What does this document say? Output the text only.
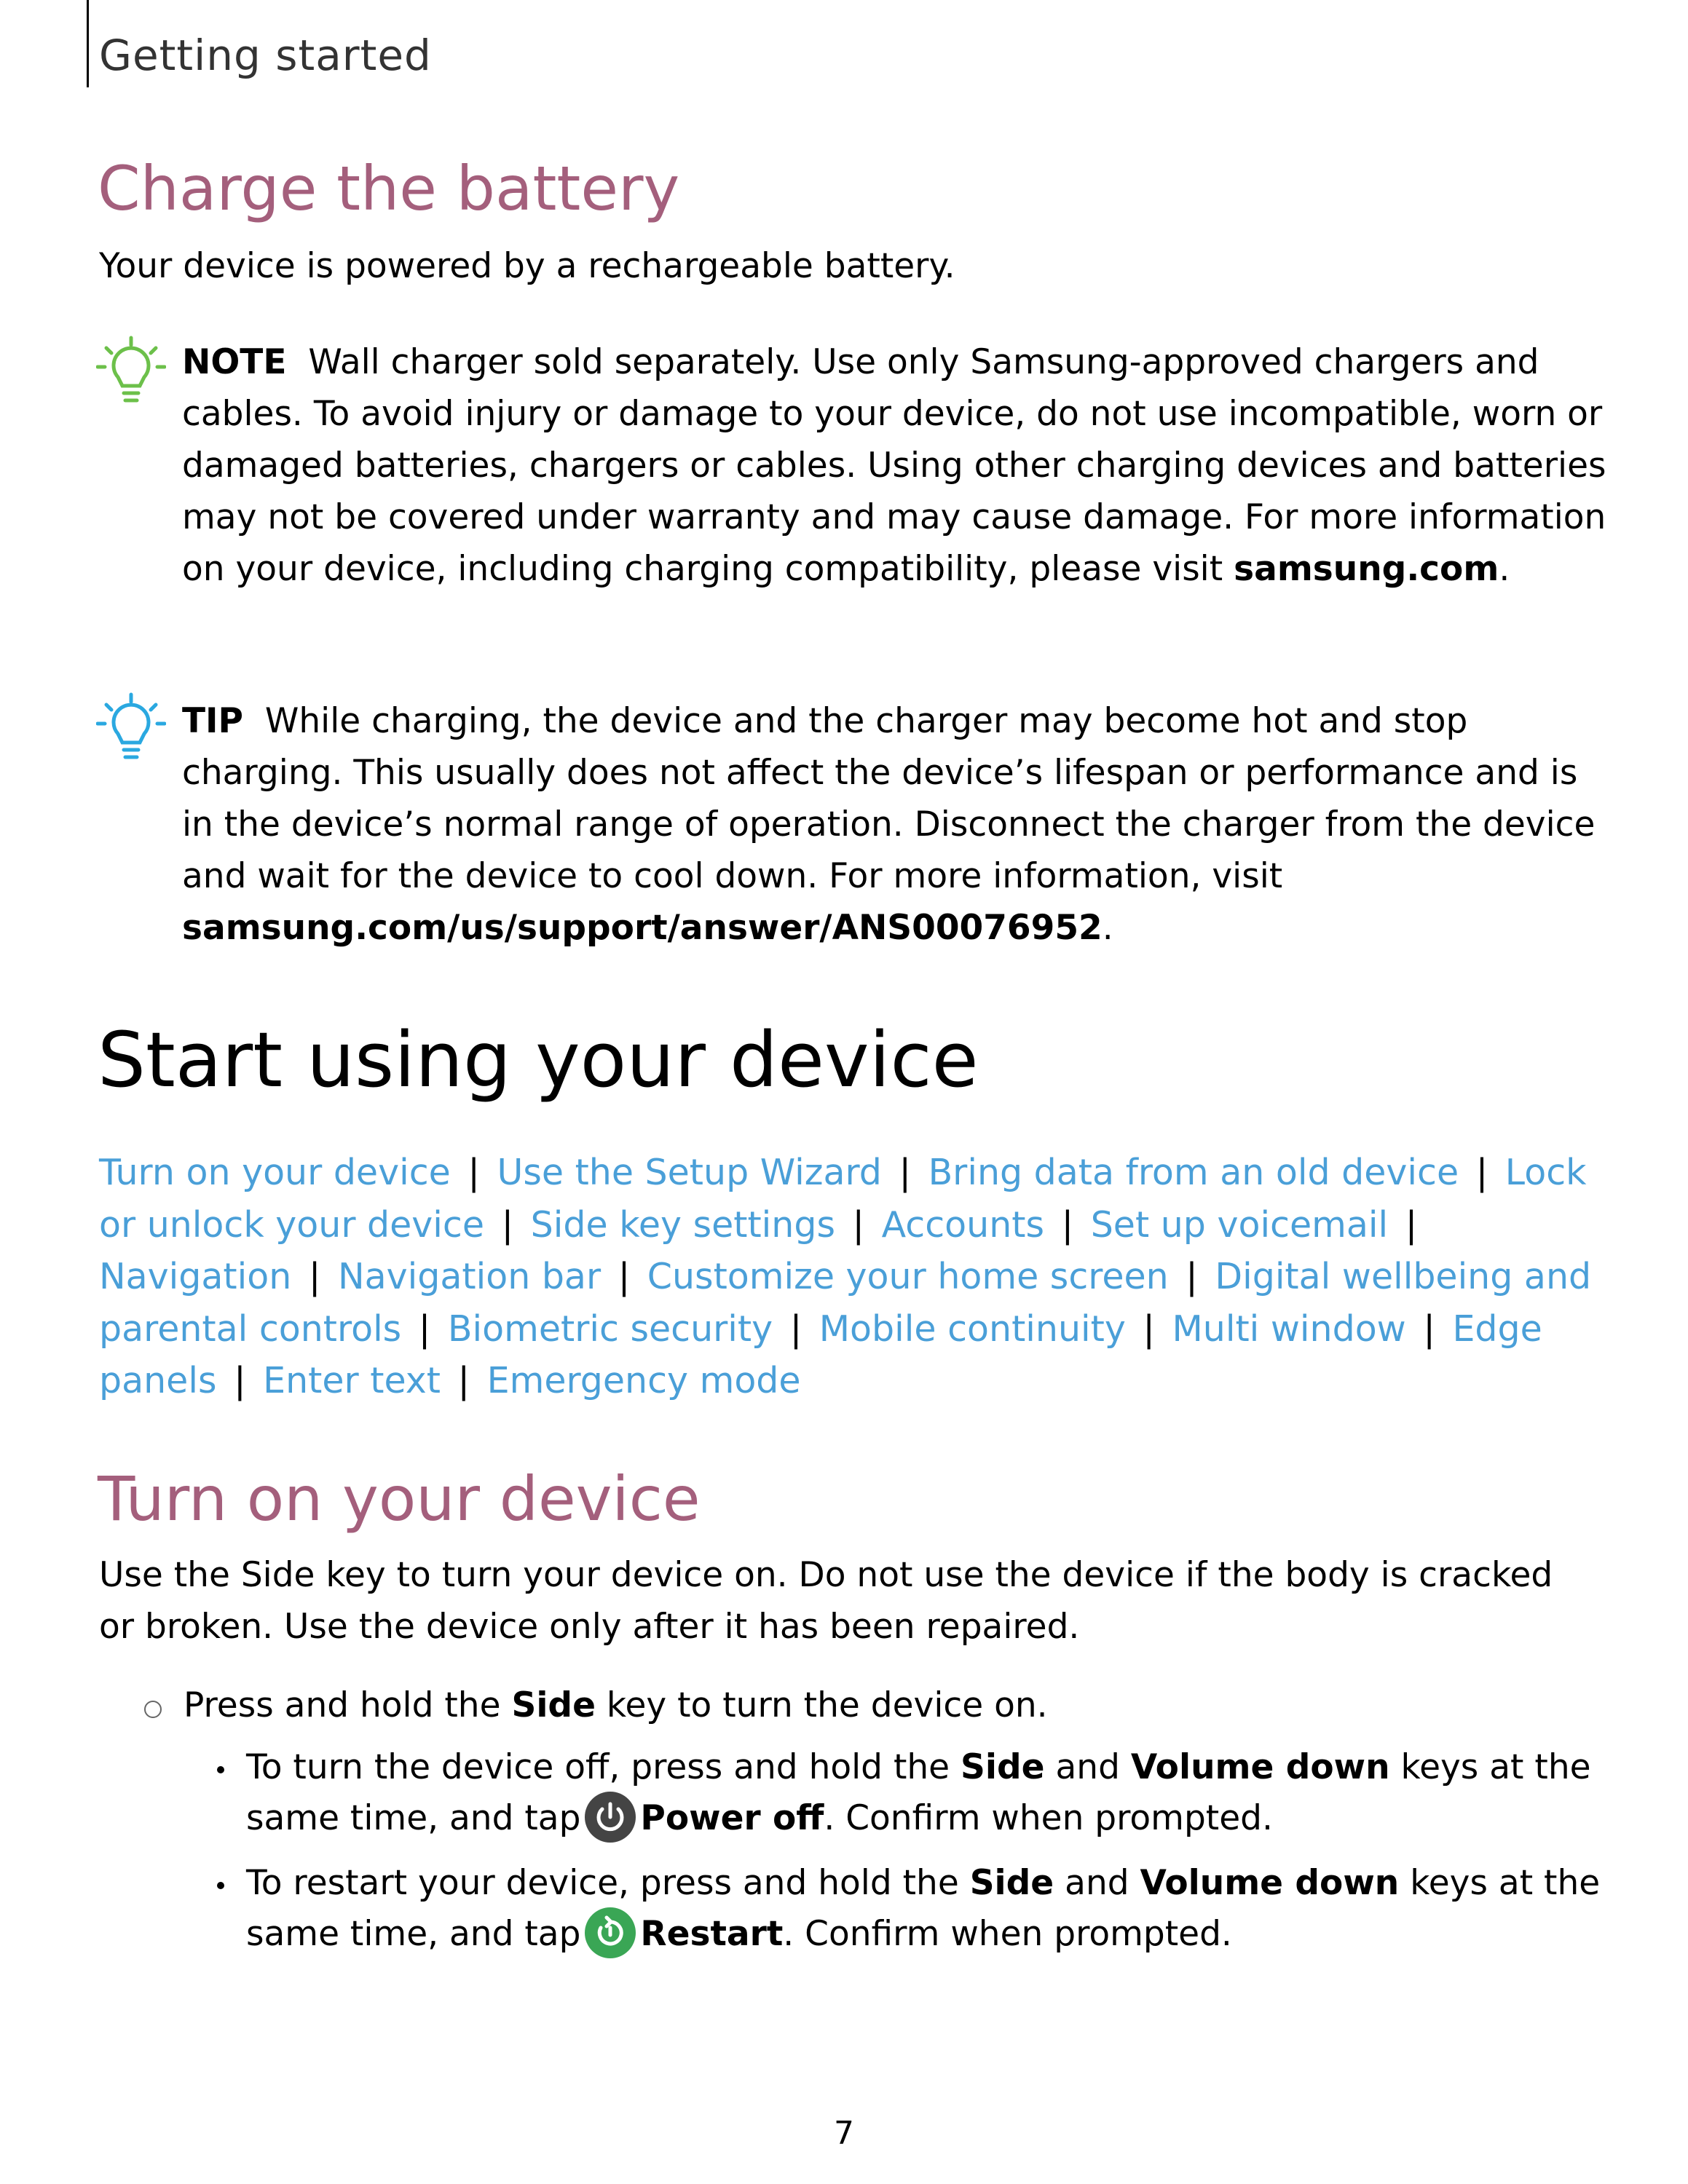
Getting started
Charge the battery
Your device is powered by a rechargeable battery.
NOTE Wall charger sold separately. Use only Samsung-approved chargers and cables. To avoid injury or damage to your device, do not use incompatible, worn or damaged batteries, chargers or cables. Using other charging devices and batteries may not be covered under warranty and may cause damage. For more information on your device, including charging compatibility, please visit samsung.com.
TIP While charging, the device and the charger may become hot and stop charging. This usually does not affect the device’s lifespan or performance and is in the device’s normal range of operation. Disconnect the charger from the device and wait for the device to cool down. For more information, visit samsung.com/us/support/answer/ANS00076952.
Start using your device
Turn on your device | Use the Setup Wizard | Bring data from an old device | Lock or unlock your device | Side key settings | Accounts | Set up voicemail | Navigation | Navigation bar | Customize your home screen | Digital wellbeing and parental controls | Biometric security | Mobile continuity | Multi window | Edge panels | Enter text | Emergency mode
Turn on your device
Use the Side key to turn your device on. Do not use the device if the body is cracked or broken. Use the device only after it has been repaired.
Press and hold the Side key to turn the device on.
To turn the device off, press and hold the Side and Volume down keys at the same time, and tap Power off. Confirm when prompted.
To restart your device, press and hold the Side and Volume down keys at the same time, and tap Restart. Confirm when prompted.
7
